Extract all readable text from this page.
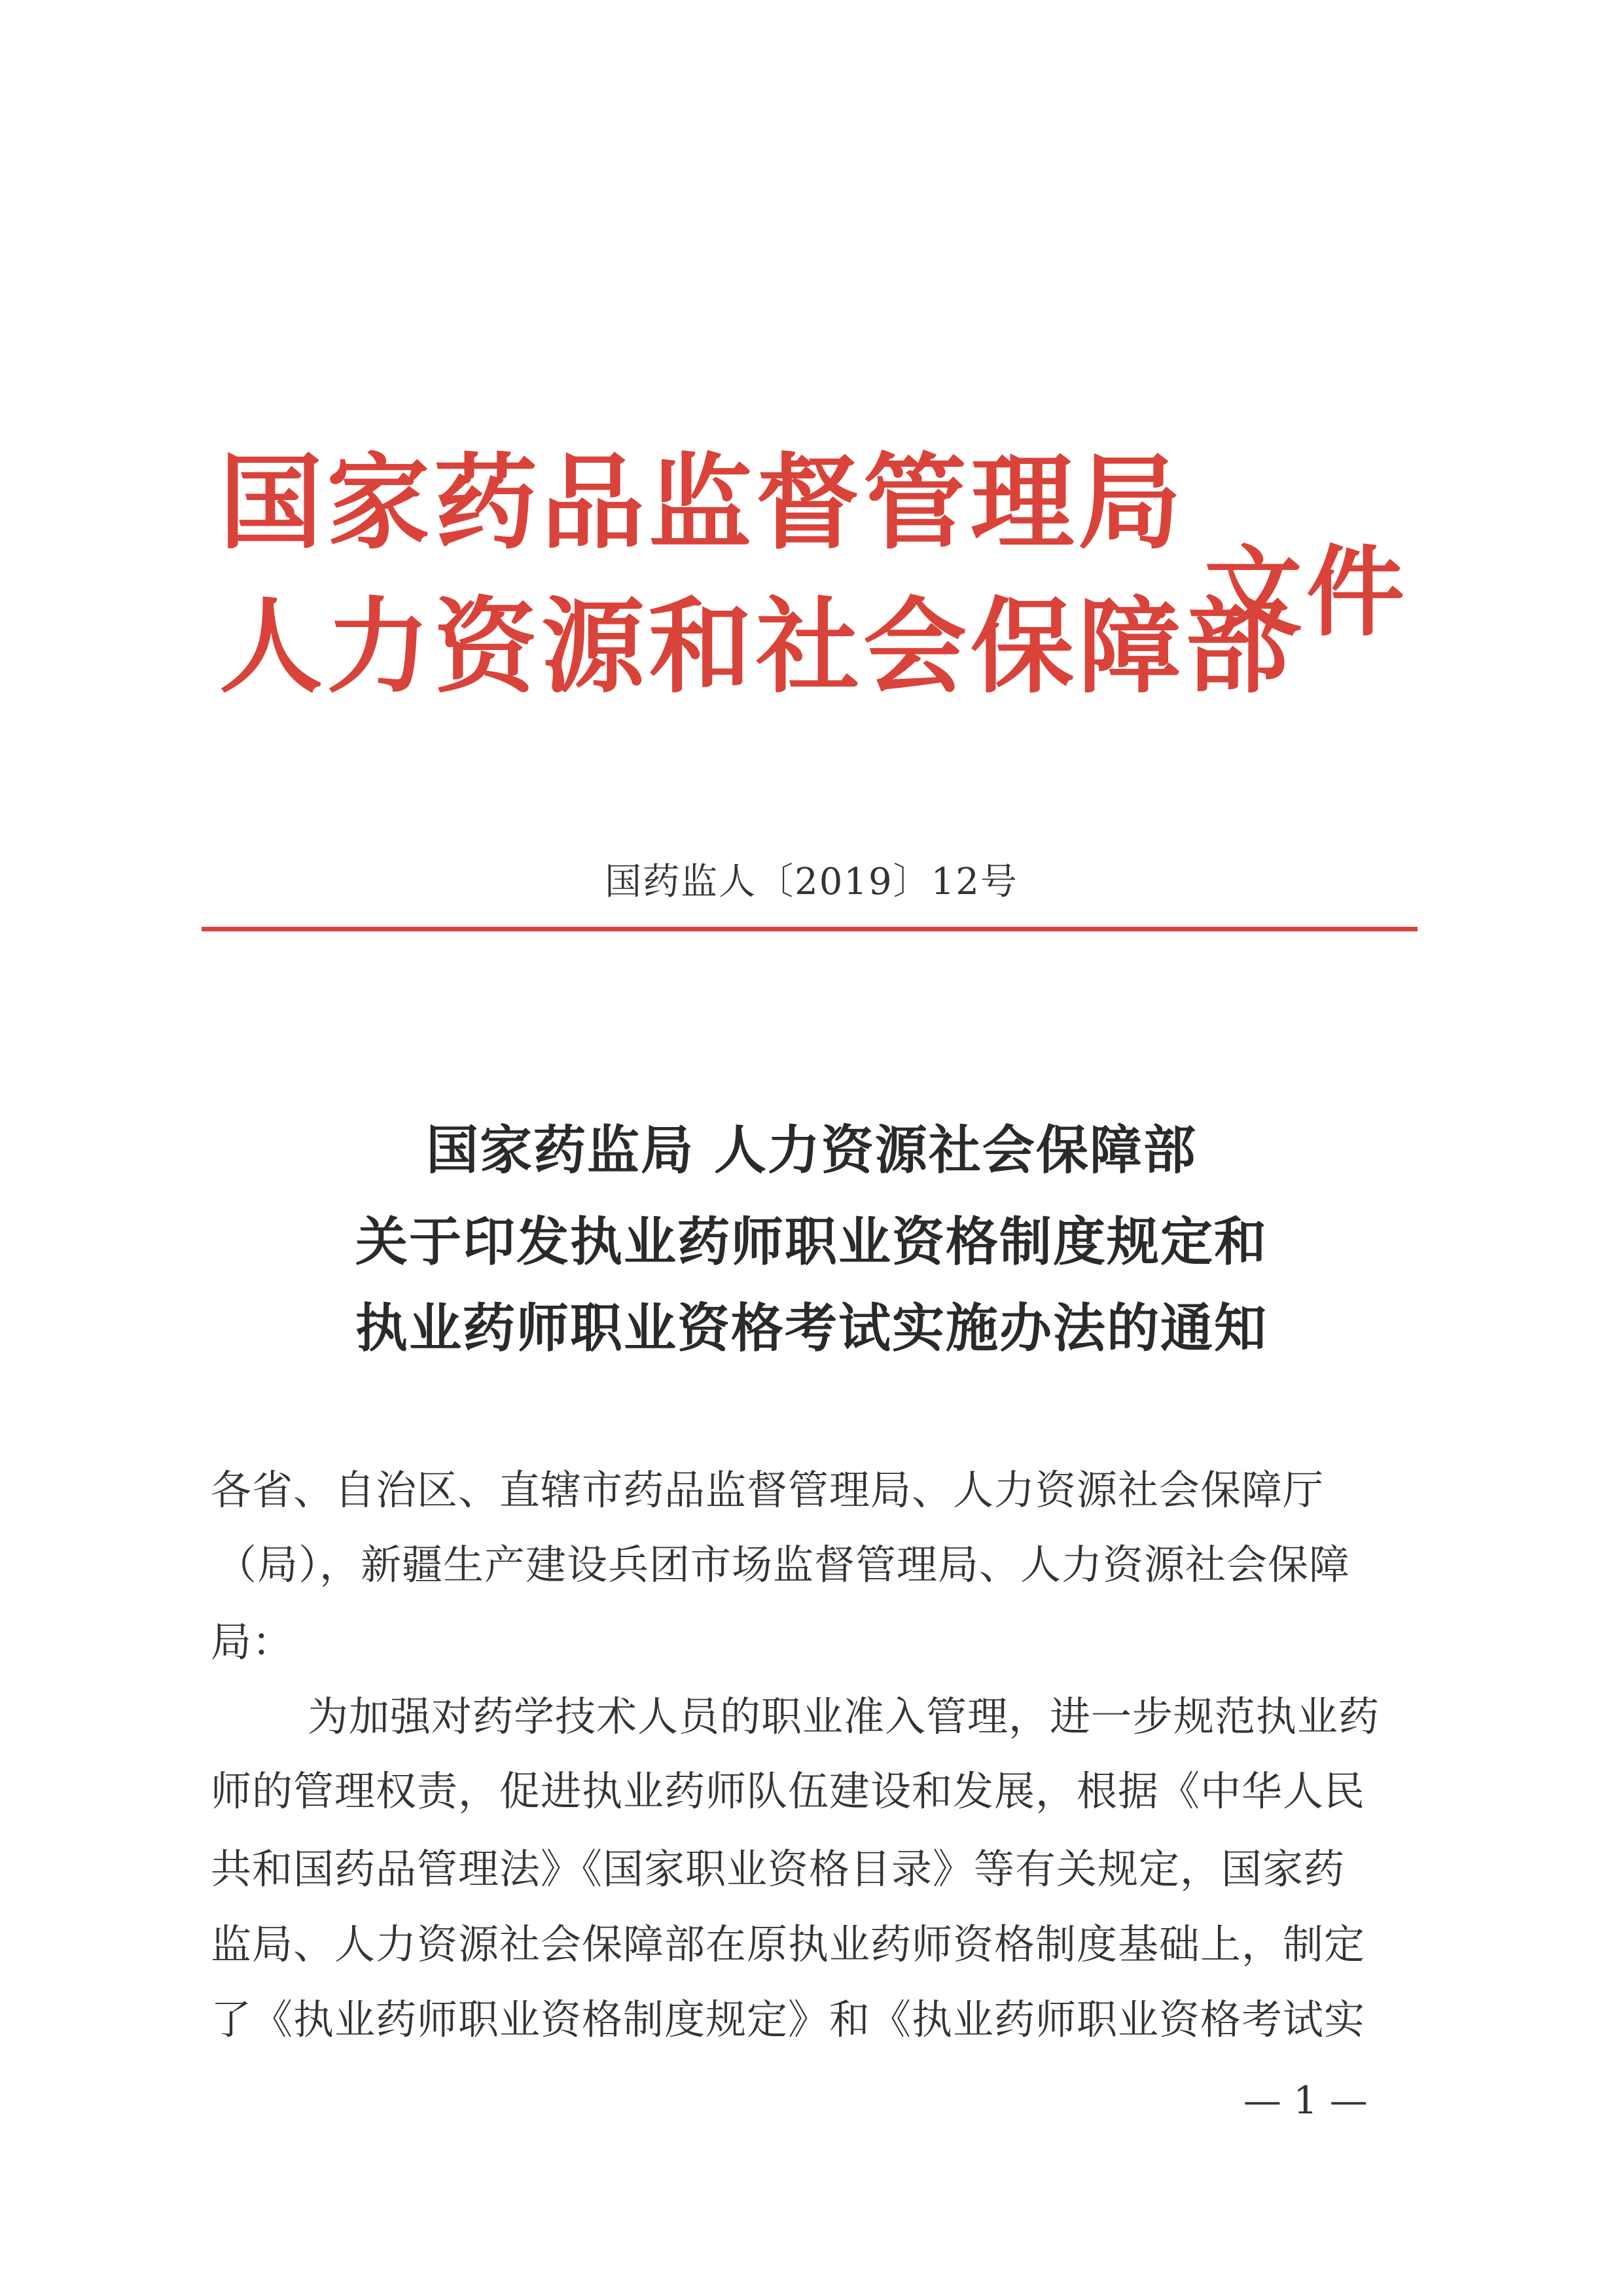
国家药品监督管理局
人力资源和社会保障部
文件
国药监人〔2019〕12号
国家药监局 人力资源社会保障部
关于印发执业药师职业资格制度规定和
执业药师职业资格考试实施办法的通知
各省、自治区、直辖市药品监督管理局、人力资源社会保障厅
（局），新疆生产建设兵团市场监督管理局、人力资源社会保障
局：
为加强对药学技术人员的职业准入管理，进一步规范执业药
师的管理权责，促进执业药师队伍建设和发展，根据《中华人民
共和国药品管理法》《国家职业资格目录》等有关规定，国家药
监局、人力资源社会保障部在原执业药师资格制度基础上，制定
了《执业药师职业资格制度规定》和《执业药师职业资格考试实
— 1 —
